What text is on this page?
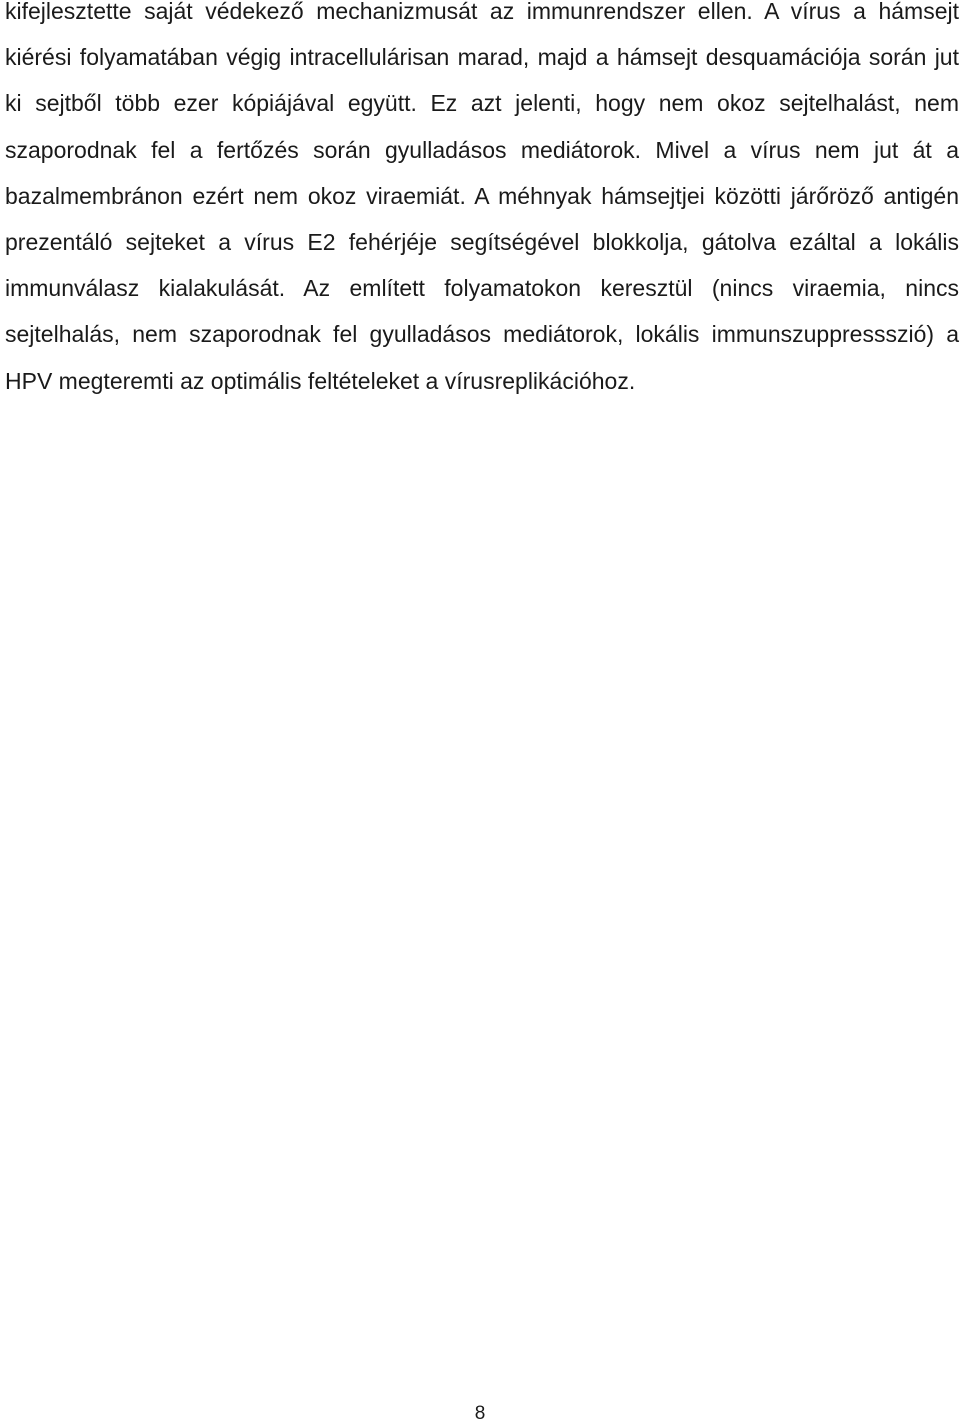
kifejlesztette saját védekező mechanizmusát az immunrendszer ellen. A vírus a hámsejt kiérési folyamatában végig intracellulárisan marad, majd a hámsejt desquamációja során jut ki sejtből több ezer kópiájával együtt. Ez azt jelenti, hogy nem okoz sejtelhalást, nem szaporodnak fel a fertőzés során gyulladásos mediátorok. Mivel a vírus nem jut át a bazalmembránon ezért nem okoz viraemiát. A méhnyak hámsejtjei közötti járőröző antigén prezentáló sejteket a vírus E2 fehérjéje segítségével blokkolja, gátolva ezáltal a lokális immunválasz kialakulását. Az említett folyamatokon keresztül (nincs viraemia, nincs sejtelhalás, nem szaporodnak fel gyulladásos mediátorok, lokális immunszuppressszió) a HPV megteremti az optimális feltételeket a vírusreplikációhoz.

8
